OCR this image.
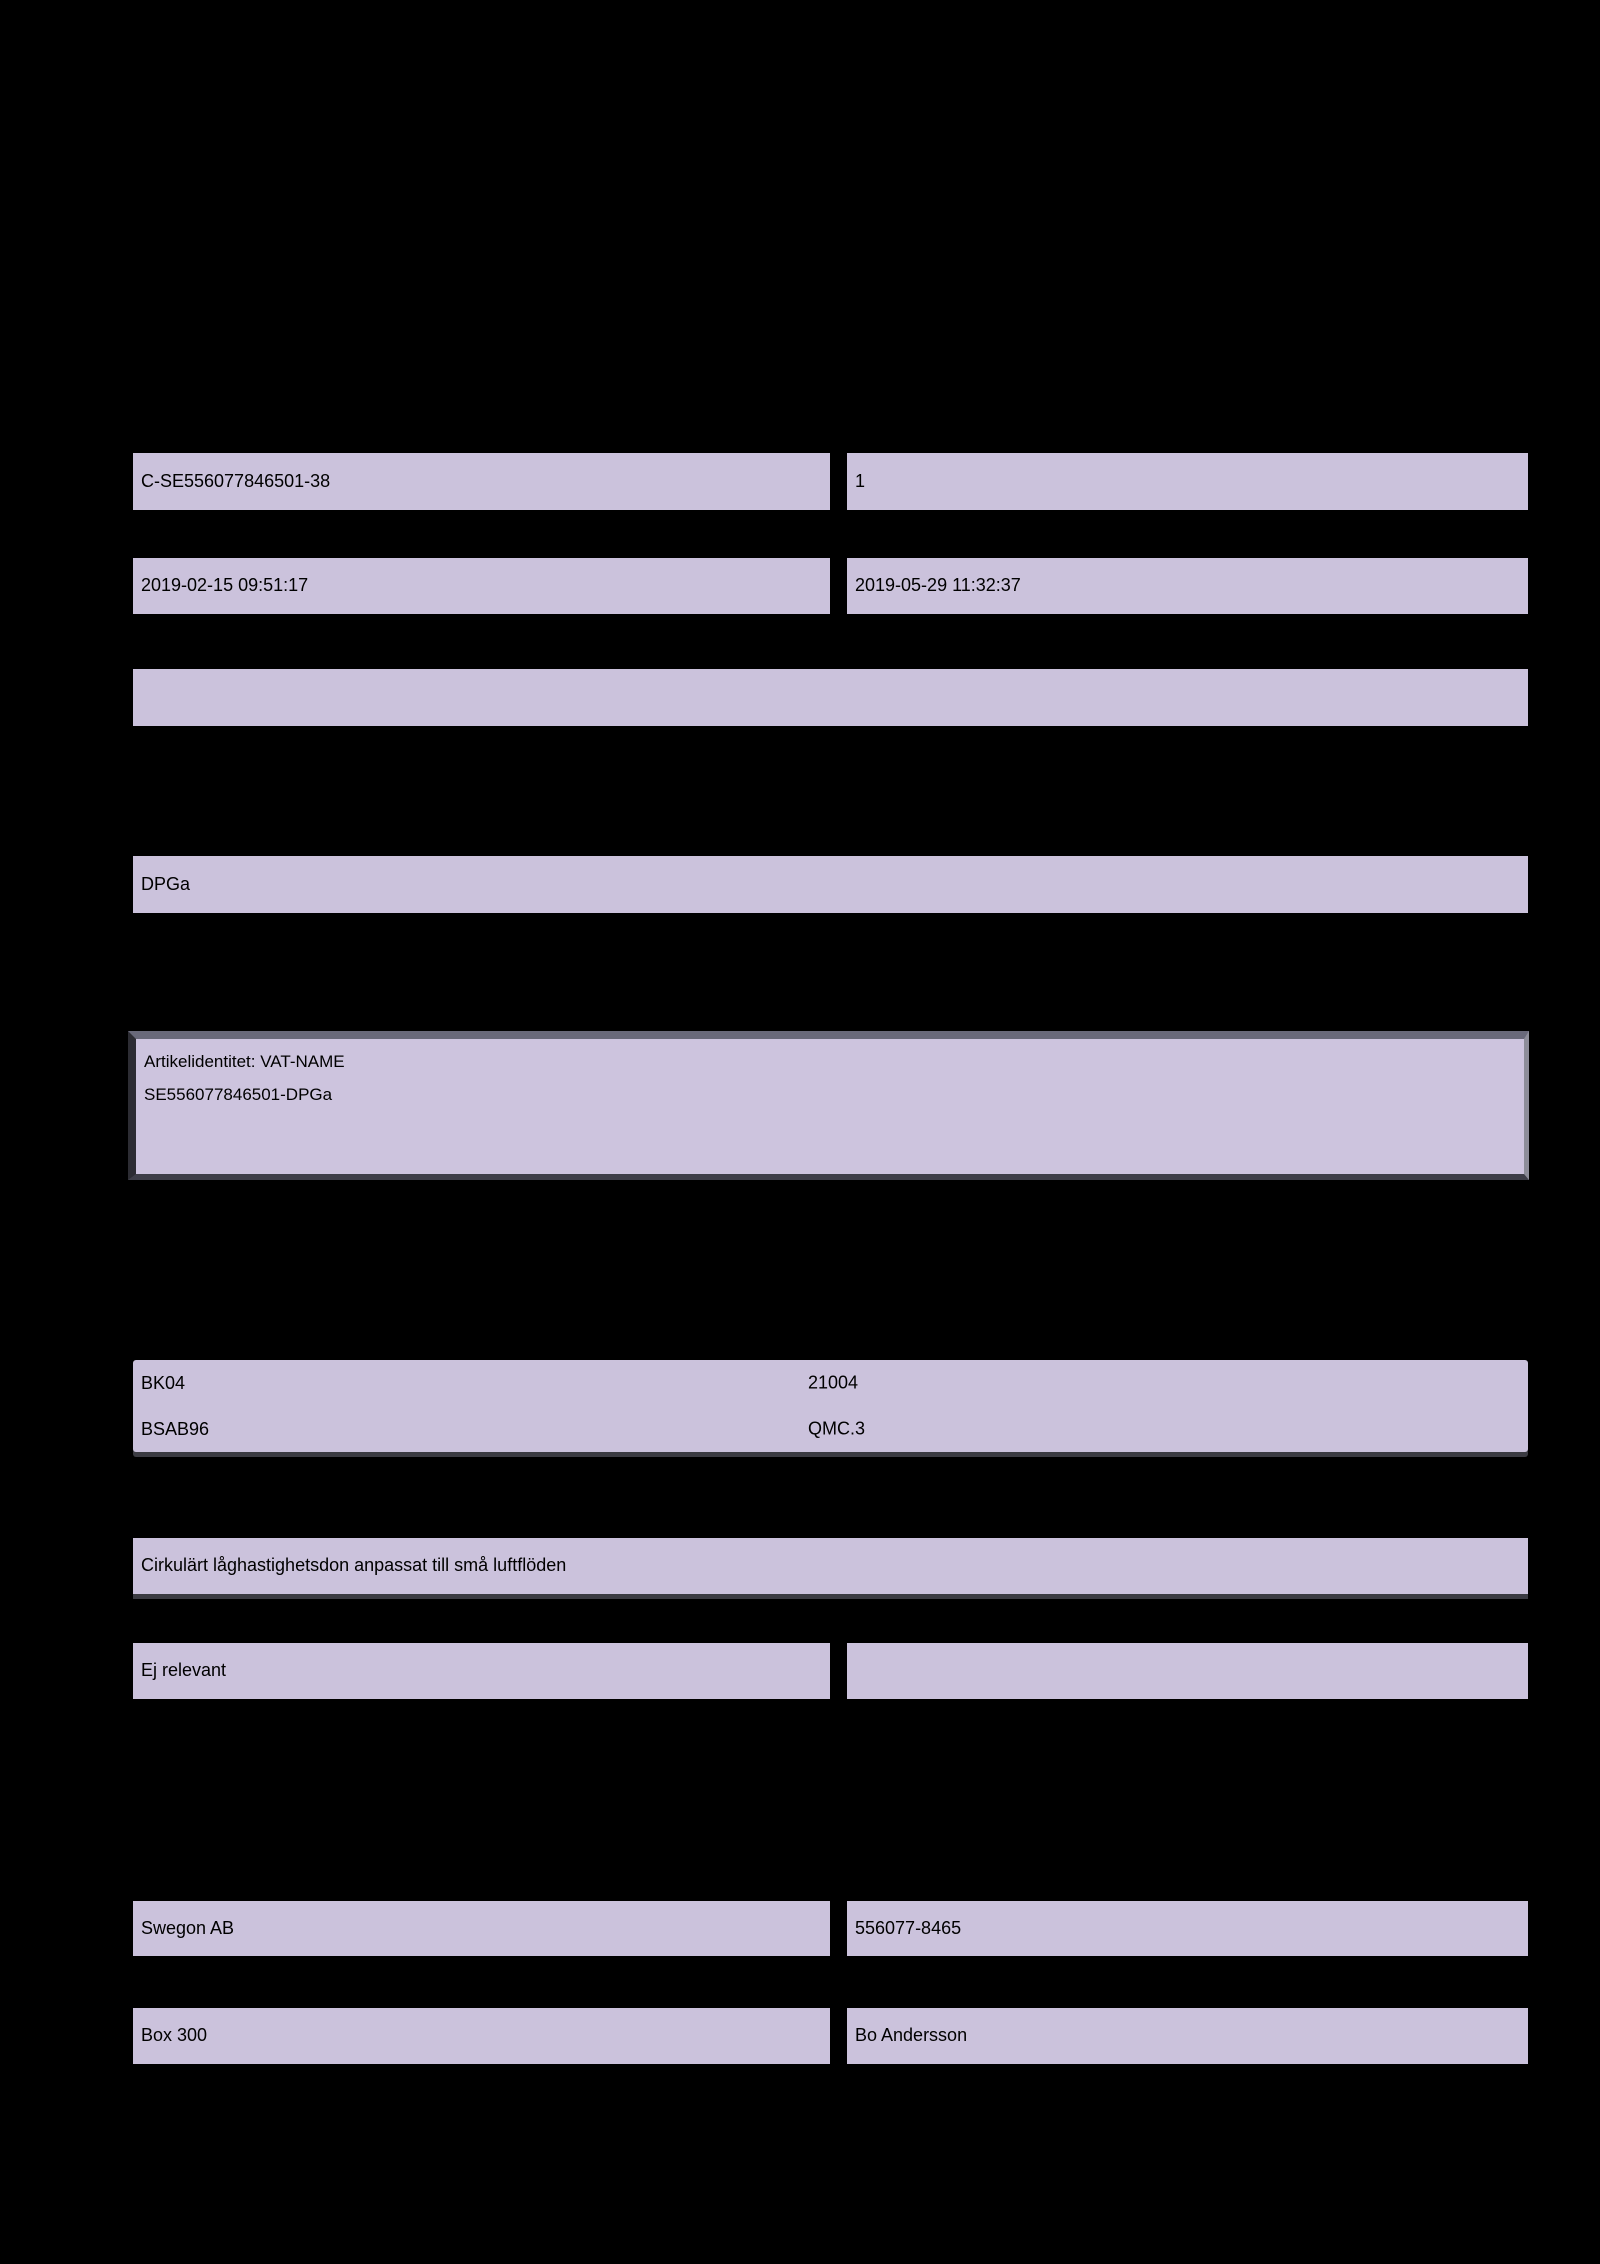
C-SE556077846501-38	1
2019-02-15 09:51:17	2019-05-29 11:32:37
DPGa
Artikelidentitet: VAT-NAME
SE556077846501-DPGa
BK04	21004
BSAB96	QMC.3
Cirkulärt låghastighetsdon anpassat till små luftflöden
Ej relevant
Swegon AB	556077-8465
Box 300	Bo Andersson
